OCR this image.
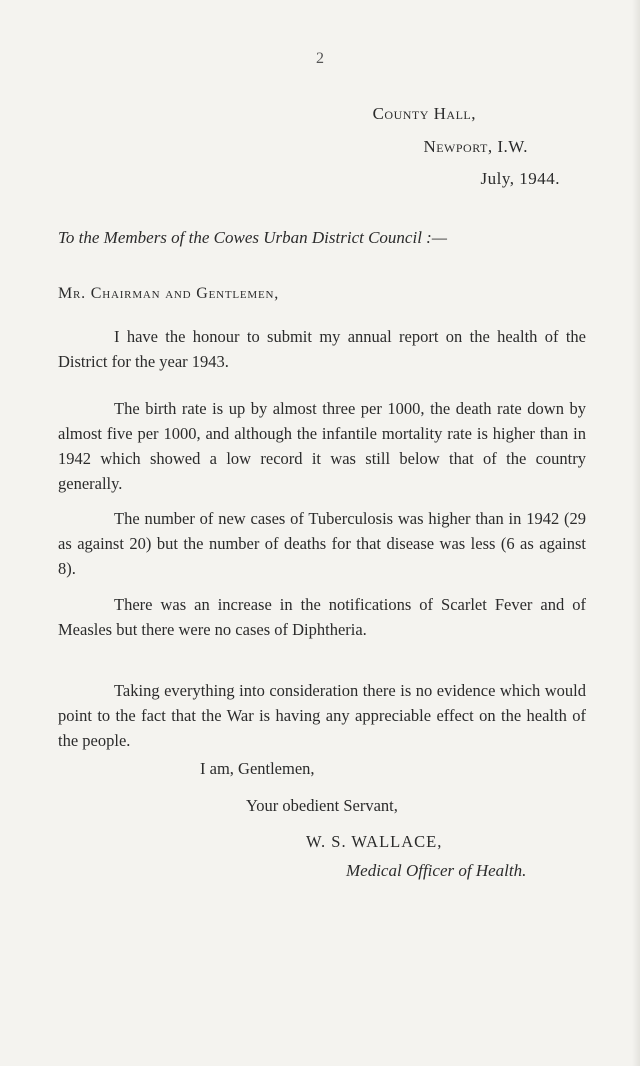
2
County Hall,
Newport, I.W.
July, 1944.
To the Members of the Cowes Urban District Council :—
Mr. Chairman and Gentlemen,

I have the honour to submit my annual report on the health of the District for the year 1943.

The birth rate is up by almost three per 1000, the death rate down by almost five per 1000, and although the infantile mortality rate is higher than in 1942 which showed a low record it was still below that of the country generally.

The number of new cases of Tuberculosis was higher than in 1942 (29 as against 20) but the number of deaths for that disease was less (6 as against 8).

There was an increase in the notifications of Scarlet Fever and of Measles but there were no cases of Diphtheria.

Taking everything into consideration there is no evidence which would point to the fact that the War is having any appreciable effect on the health of the people.

I am, Gentlemen,
Your obedient Servant,
W. S. WALLACE,
Medical Officer of Health.
